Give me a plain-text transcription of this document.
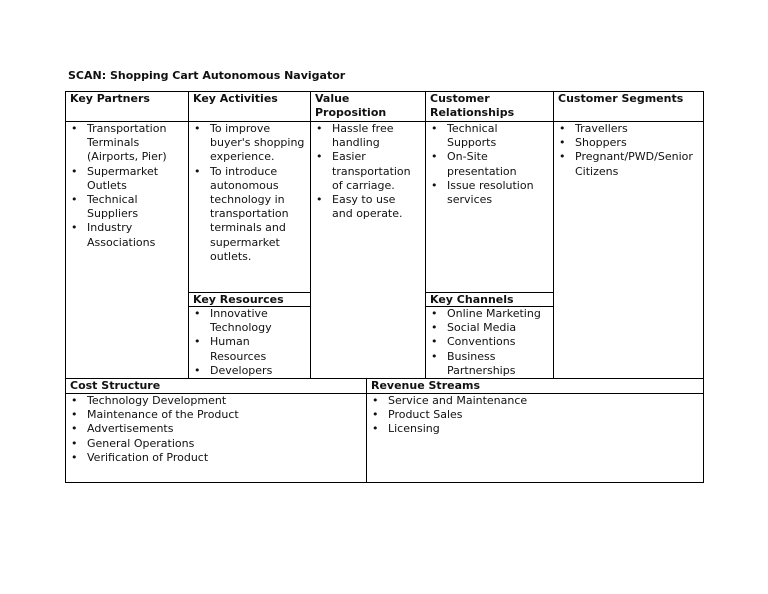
SCAN: Shopping Cart Autonomous Navigator
Key Partners
• Transportation Terminals (Airports, Pier)
• Supermarket Outlets
• Technical Suppliers
• Industry Associations
Key Activities
• To improve buyer's shopping experience.
• To introduce autonomous technology in transportation terminals and supermarket outlets.
Key Resources
• Innovative Technology
• Human Resources
• Developers
Value Proposition
• Hassle free handling
• Easier transportation of carriage.
• Easy to use and operate.
Customer Relationships
• Technical Supports
• On-Site presentation
• Issue resolution services
Key Channels
• Online Marketing
• Social Media
• Conventions
• Business Partnerships
Customer Segments
• Travellers
• Shoppers
• Pregnant/PWD/Senior Citizens
Cost Structure
• Technology Development
• Maintenance of the Product
• Advertisements
• General Operations
• Verification of Product
Revenue Streams
• Service and Maintenance
• Product Sales
• Licensing
